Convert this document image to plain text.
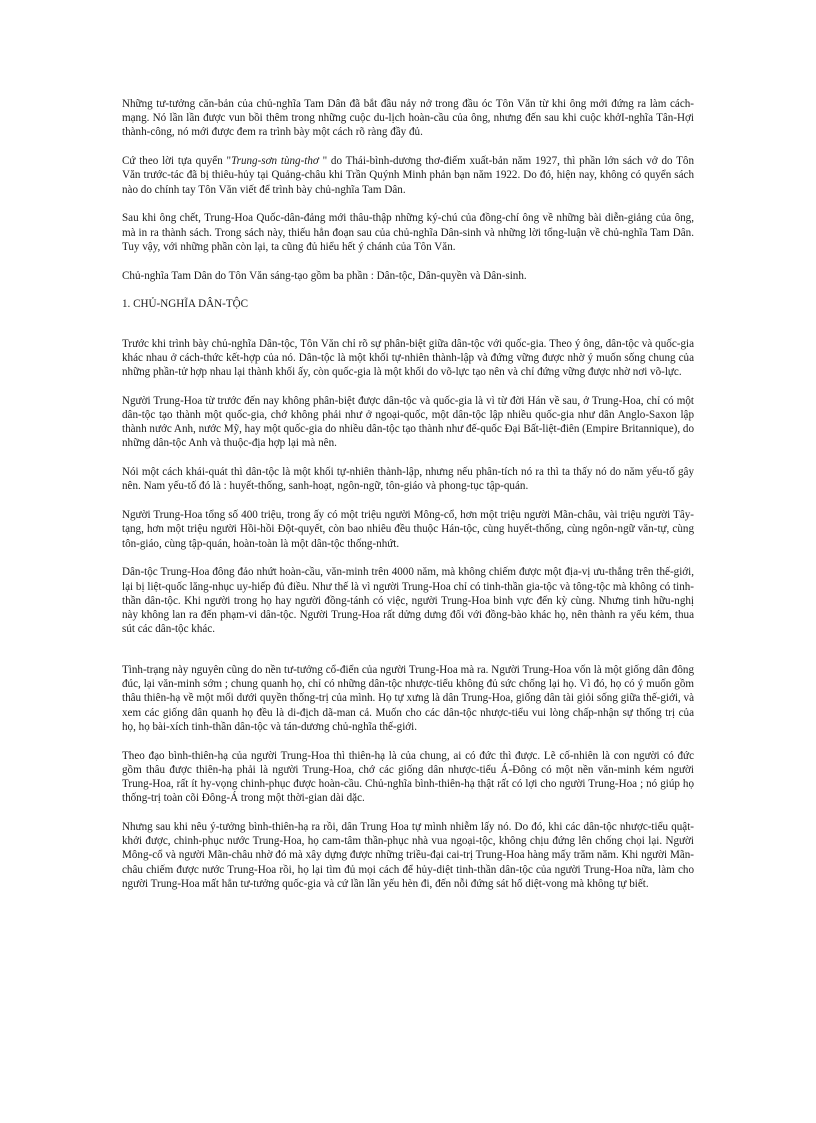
Những tư-tưởng căn-bản của chủ-nghĩa Tam Dân đã bắt đầu nảy nở trong đầu óc Tôn Văn từ khi ông mới đứng ra làm cách-mạng. Nó lần lần được vun bồi thêm trong những cuộc du-lịch hoàn-cầu của ông, nhưng đến sau khi cuộc khởI-nghĩa Tân-Hợi thành-công, nó mới được đem ra trình bày một cách rõ ràng đầy đủ.

Cứ theo lời tựa quyển "Trung-sơn tùng-thơ " do Thái-bình-dương thơ-điếm xuất-bản năm 1927, thì phần lớn sách vở do Tôn Văn trước-tác đã bị thiêu-hủy tại Quảng-châu khi Trần Quýnh Minh phản bạn năm 1922. Do đó, hiện nay, không có quyển sách nào do chính tay Tôn Văn viết để trình bày chủ-nghĩa Tam Dân.

Sau khi ông chết, Trung-Hoa Quốc-dân-đảng mới thâu-thập những ký-chú của đồng-chí ông về những bài diễn-giảng của ông, mà in ra thành sách. Trong sách này, thiếu hẳn đoạn sau của chủ-nghĩa Dân-sinh và những lời tổng-luận về chủ-nghĩa Tam Dân. Tuy vậy, với những phần còn lại, ta cũng đủ hiểu hết ý chánh của Tôn Văn.

Chủ-nghĩa Tam Dân do Tôn Văn sáng-tạo gồm ba phần : Dân-tộc, Dân-quyền và Dân-sinh.

1. CHỦ-NGHĨA DÂN-TỘC

Trước khi trình bày chủ-nghĩa Dân-tộc, Tôn Văn chỉ rõ sự phân-biệt giữa dân-tộc với quốc-gia. Theo ý ông, dân-tộc và quốc-gia khác nhau ở cách-thức kết-hợp của nó. Dân-tộc là một khối tự-nhiên thành-lập và đứng vững được nhờ ý muốn sống chung của những phần-tử hợp nhau lại thành khối ấy, còn quốc-gia là một khối do võ-lực tạo nên và chỉ đứng vững được nhờ nơi võ-lực.

Người Trung-Hoa từ trước đến nay không phân-biệt được dân-tộc và quốc-gia là vì từ đời Hán về sau, ở Trung-Hoa, chỉ có một dân-tộc tạo thành một quốc-gia, chớ không phải như ở ngoại-quốc, một dân-tộc lập nhiều quốc-gia như dân Anglo-Saxon lập thành nước Anh, nước Mỹ, hay một quốc-gia do nhiều dân-tộc tạo thành như đế-quốc Đại Bất-liệt-điên (Empire Britannique), do những dân-tộc Anh và thuộc-địa hợp lại mà nên.

Nói một cách khái-quát thì dân-tộc là một khối tự-nhiên thành-lập, nhưng nếu phân-tích nó ra thì ta thấy nó do năm yếu-tố gây nên. Nam yếu-tố đó là : huyết-thống, sanh-hoạt, ngôn-ngữ, tôn-giáo và phong-tục tập-quán.

Người Trung-Hoa tổng số 400 triệu, trong ấy có một triệu người Mông-cổ, hơn một triệu người Mãn-châu, vài triệu người Tây-tạng, hơn một triệu người Hồi-hồi Đột-quyết, còn bao nhiêu đều thuộc Hán-tộc, cùng huyết-thống, cùng ngôn-ngữ văn-tự, cùng tôn-giáo, cùng tập-quán, hoàn-toàn là một dân-tộc thống-nhứt.

Dân-tộc Trung-Hoa đông đảo nhứt hoàn-cầu, văn-minh trên 4000 năm, mà không chiếm được một địa-vị ưu-thắng trên thế-giới, lại bị liệt-quốc lăng-nhục uy-hiếp đủ điều. Như thế là vì người Trung-Hoa chỉ có tinh-thần gia-tộc và tông-tộc mà không có tinh-thần dân-tộc. Khi người trong họ hay người đồng-tánh có việc, người Trung-Hoa binh vực đến kỳ cùng. Nhưng tinh hữu-nghị này không lan ra đến phạm-vi dân-tộc. Người Trung-Hoa rất dửng dưng đối với đồng-bào khác họ, nên thành ra yếu kém, thua sút các dân-tộc khác.

Tình-trạng này nguyên cũng do nền tư-tưởng cổ-điển của người Trung-Hoa mà ra. Người Trung-Hoa vốn là một giống dân đông đúc, lại văn-minh sớm ; chung quanh họ, chỉ có những dân-tộc nhược-tiểu không đủ sức chống lại họ. Vì đó, họ có ý muốn gồm thâu thiên-hạ về một mối dưới quyền thống-trị của mình. Họ tự xưng là dân Trung-Hoa, giống dân tài giỏi sống giữa thế-giới, và xem các giống dân quanh họ đều là di-địch dã-man cả. Muốn cho các dân-tộc nhược-tiểu vui lòng chấp-nhận sự thống trị của họ, họ bài-xích tinh-thần dân-tộc và tán-dương chủ-nghĩa thế-giới.

Theo đạo bình-thiên-hạ của người Trung-Hoa thì thiên-hạ là của chung, ai có đức thì được. Lẽ cố-nhiên là con người có đức gồm thâu được thiên-hạ phải là người Trung-Hoa, chớ các giống dân nhược-tiểu Á-Đông có một nền văn-minh kém người Trung-Hoa, rất ít hy-vọng chinh-phục được hoàn-cầu. Chủ-nghĩa bình-thiên-hạ thật rất có lợi cho người Trung-Hoa ; nó giúp họ thống-trị toàn cõi Đông-Á trong một thời-gian dài dặc.

Nhưng sau khi nêu ý-tưởng bình-thiên-hạ ra rồi, dân Trung Hoa tự mình nhiễm lấy nó. Do đó, khi các dân-tộc nhược-tiểu quật-khởi được, chinh-phục nước Trung-Hoa, họ cam-tâm thần-phục nhà vua ngoại-tộc, không chịu đứng lên chống chọi lại. Người Mông-cổ và người Mãn-châu nhờ đó mà xây dựng được những triều-đại cai-trị Trung-Hoa hàng mấy trăm năm. Khi người Mãn-châu chiếm được nước Trung-Hoa rồi, họ lại tìm đủ mọi cách để hủy-diệt tinh-thần dân-tộc của người Trung-Hoa nữa, làm cho người Trung-Hoa mất hẳn tư-tưởng quốc-gia và cứ lần lần yếu hèn đi, đến nỗi đứng sát hố diệt-vong mà không tự biết.
